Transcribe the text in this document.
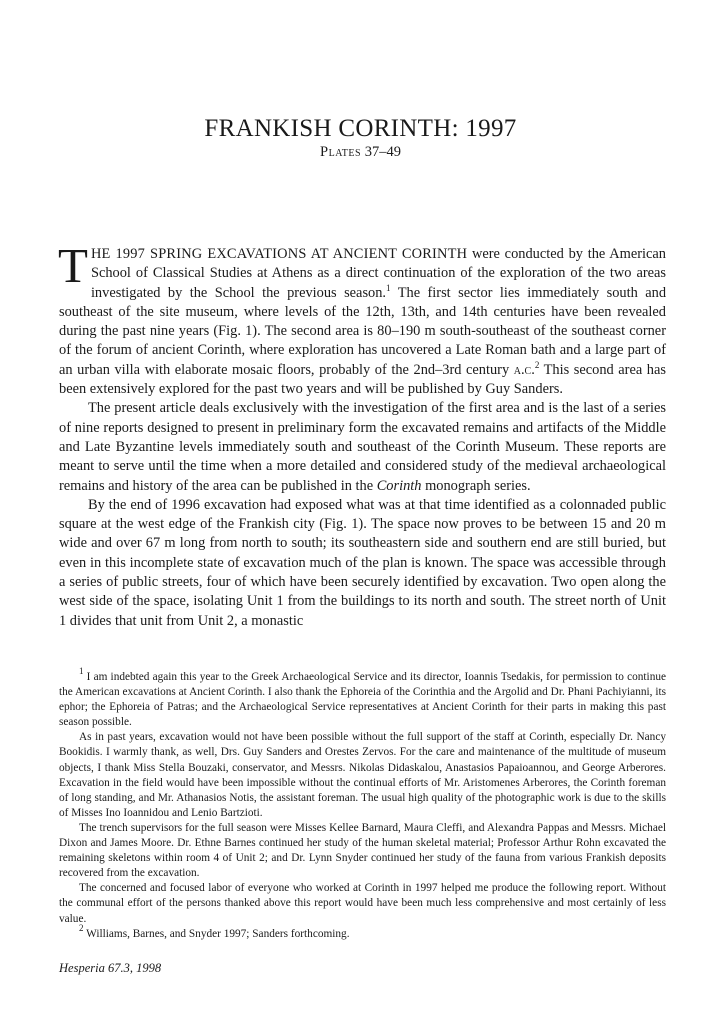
FRANKISH CORINTH: 1997
Plates 37–49

THE 1997 SPRING EXCAVATIONS AT ANCIENT CORINTH were conducted by the American School of Classical Studies at Athens as a direct continuation of the exploration of the two areas investigated by the School the previous season.$^1$ The first sector lies immediately south and southeast of the site museum, where levels of the 12th, 13th, and 14th centuries have been revealed during the past nine years (Fig. 1). The second area is 80–190 m south-southeast of the southeast corner of the forum of ancient Corinth, where exploration has uncovered a Late Roman bath and a large part of an urban villa with elaborate mosaic floors, probably of the 2nd–3rd century a.c.$^2$ This second area has been extensively explored for the past two years and will be published by Guy Sanders.

The present article deals exclusively with the investigation of the first area and is the last of a series of nine reports designed to present in preliminary form the excavated remains and artifacts of the Middle and Late Byzantine levels immediately south and southeast of the Corinth Museum. These reports are meant to serve until the time when a more detailed and considered study of the medieval archaeological remains and history of the area can be published in the Corinth monograph series.

By the end of 1996 excavation had exposed what was at that time identified as a colonnaded public square at the west edge of the Frankish city (Fig. 1). The space now proves to be between 15 and 20 m wide and over 67 m long from north to south; its southeastern side and southern end are still buried, but even in this incomplete state of excavation much of the plan is known. The space was accessible through a series of public streets, four of which have been securely identified by excavation. Two open along the west side of the space, isolating Unit 1 from the buildings to its north and south. The street north of Unit 1 divides that unit from Unit 2, a monastic

$^1$ I am indebted again this year to the Greek Archaeological Service and its director, Ioannis Tsedakis, for permission to continue the American excavations at Ancient Corinth. I also thank the Ephoreia of the Corinthia and the Argolid and Dr. Phani Pachiyianni, its ephor; the Ephoreia of Patras; and the Archaeological Service representatives at Ancient Corinth for their parts in making this past season possible.

As in past years, excavation would not have been possible without the full support of the staff at Corinth, especially Dr. Nancy Bookidis. I warmly thank, as well, Drs. Guy Sanders and Orestes Zervos. For the care and maintenance of the multitude of museum objects, I thank Miss Stella Bouzaki, conservator, and Messrs. Nikolas Didaskalou, Anastasios Papaioannou, and George Arberores. Excavation in the field would have been impossible without the continual efforts of Mr. Aristomenes Arberores, the Corinth foreman of long standing, and Mr. Athanasios Notis, the assistant foreman. The usual high quality of the photographic work is due to the skills of Misses Ino Ioannidou and Lenio Bartzioti.

The trench supervisors for the full season were Misses Kellee Barnard, Maura Cleffi, and Alexandra Pappas and Messrs. Michael Dixon and James Moore. Dr. Ethne Barnes continued her study of the human skeletal material; Professor Arthur Rohn excavated the remaining skeletons within room 4 of Unit 2; and Dr. Lynn Snyder continued her study of the fauna from various Frankish deposits recovered from the excavation.

The concerned and focused labor of everyone who worked at Corinth in 1997 helped me produce the following report. Without the communal effort of the persons thanked above this report would have been much less comprehensive and most certainly of less value.

$^2$ Williams, Barnes, and Snyder 1997; Sanders forthcoming.

Hesperia 67.3, 1998
